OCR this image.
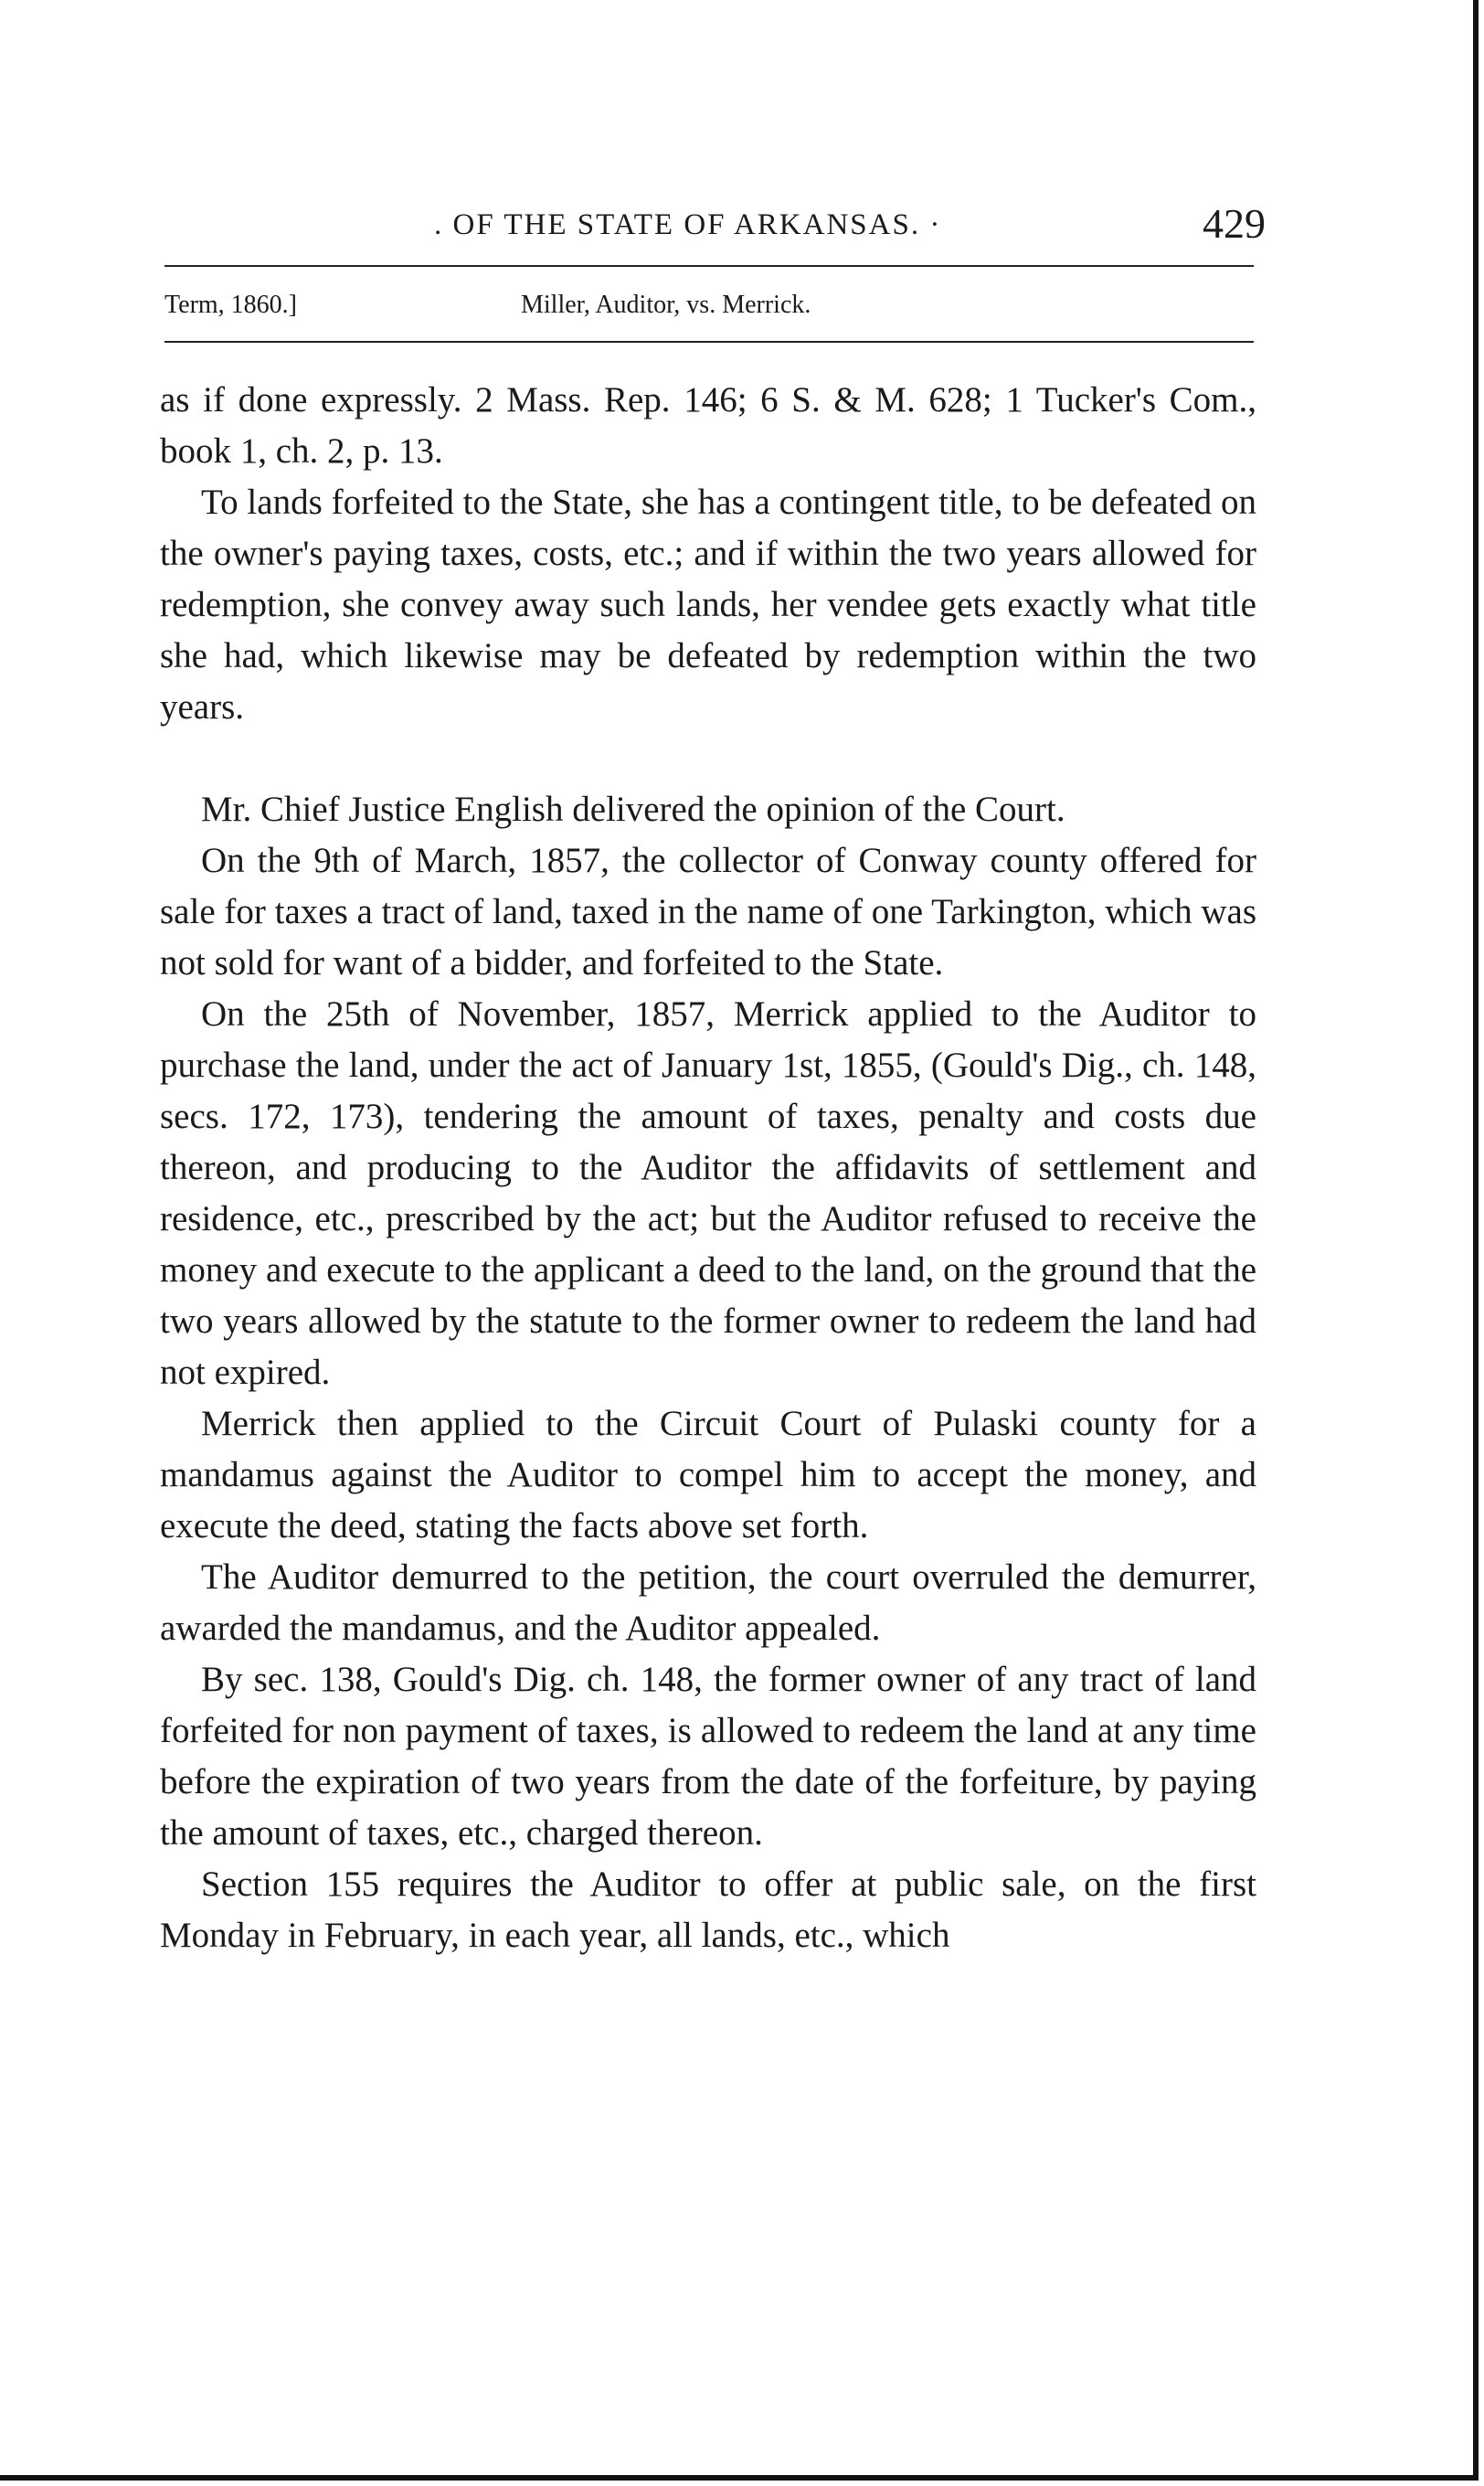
. OF THE STATE OF ARKANSAS. ·	429
Term, 1860.]	Miller, Auditor, vs. Merrick.

as if done expressly. 2 Mass. Rep. 146; 6 S. & M. 628; 1 Tucker's Com., book 1, ch. 2, p. 13.

To lands forfeited to the State, she has a contingent title, to be defeated on the owner's paying taxes, costs, etc.; and if within the two years allowed for redemption, she convey away such lands, her vendee gets exactly what title she had, which likewise may be defeated by redemption within the two years.

Mr. Chief Justice English delivered the opinion of the Court.

On the 9th of March, 1857, the collector of Conway county offered for sale for taxes a tract of land, taxed in the name of one Tarkington, which was not sold for want of a bidder, and forfeited to the State.

On the 25th of November, 1857, Merrick applied to the Auditor to purchase the land, under the act of January 1st, 1855, (Gould's Dig., ch. 148, secs. 172, 173), tendering the amount of taxes, penalty and costs due thereon, and producing to the Auditor the affidavits of settlement and residence, etc., prescribed by the act; but the Auditor refused to receive the money and execute to the applicant a deed to the land, on the ground that the two years allowed by the statute to the former owner to redeem the land had not expired.

Merrick then applied to the Circuit Court of Pulaski county for a mandamus against the Auditor to compel him to accept the money, and execute the deed, stating the facts above set forth.

The Auditor demurred to the petition, the court overruled the demurrer, awarded the mandamus, and the Auditor appealed.

By sec. 138, Gould's Dig. ch. 148, the former owner of any tract of land forfeited for non payment of taxes, is allowed to redeem the land at any time before the expiration of two years from the date of the forfeiture, by paying the amount of taxes, etc., charged thereon.

Section 155 requires the Auditor to offer at public sale, on the first Monday in February, in each year, all lands, etc., which
